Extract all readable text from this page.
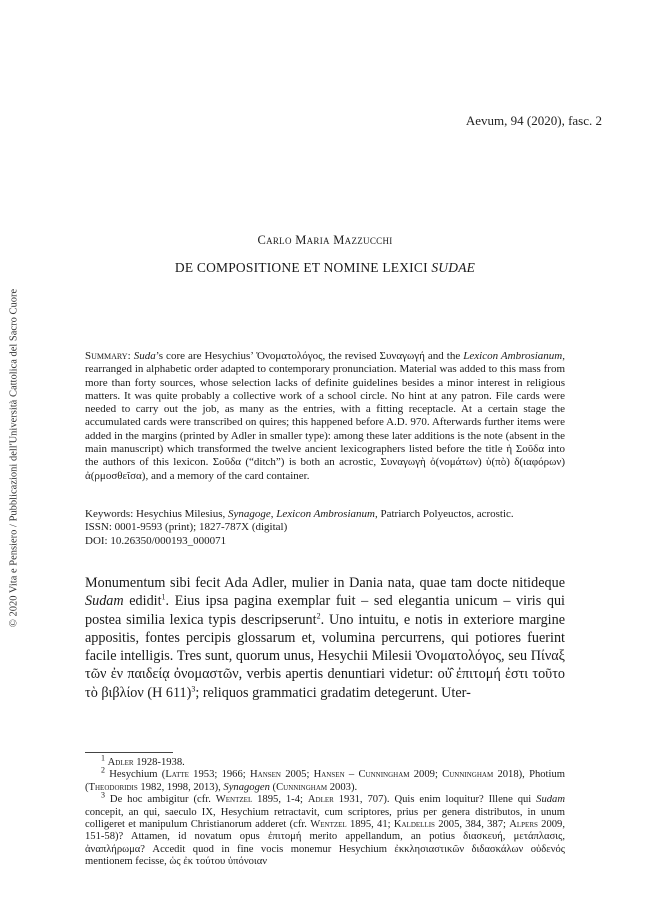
© 2020 Vita e Pensiero / Pubblicazioni dell'Università Cattolica del Sacro Cuore
Aevum, 94 (2020), fasc. 2
Carlo Maria Mazzucchi
DE COMPOSITIONE ET NOMINE LEXICI SUDAE
Summary: Suda’s core are Hesychius’ Ὀνοματολόγος, the revised Συναγωγή and the Lexicon Ambrosianum, rearranged in alphabetic order adapted to contemporary pronunciation. Material was added to this mass from more than forty sources, whose selection lacks of definite guidelines besides a minor interest in religious matters. It was quite probably a collective work of a school circle. No hint at any patron. File cards were needed to carry out the job, as many as the entries, with a fitting receptacle. At a certain stage the accumulated cards were transcribed on quires; this happened before A.D. 970. Afterwards further items were added in the margins (printed by Adler in smaller type): among these later additions is the note (absent in the main manuscript) which transformed the twelve ancient lexicographers listed before the title ἡ Σοῦδα into the authors of this lexicon. Σοῦδα (“ditch”) is both an acrostic, Συναγωγὴ ὀ(νομάτων) ὑ(πὸ) δ(ιαφόρων) ἀ(ρμοσθεῖσα), and a memory of the card container.
Keywords: Hesychius Milesius, Synagoge, Lexicon Ambrosianum, Patriarch Polyeuctos, acrostic.
ISSN: 0001-9593 (print); 1827-787X (digital)
DOI: 10.26350/000193_000071
Monumentum sibi fecit Ada Adler, mulier in Dania nata, quae tam docte nitideque Sudam edidit$^1$. Eius ipsa pagina exemplar fuit – sed elegantia unicum – viris qui postea similia lexica typis descripserunt$^2$. Uno intuitu, e notis in exteriore margine appositis, fontes percipis glossarum et, volumina percurrens, qui potiores fuerint facile intelligis. Tres sunt, quorum unus, Hesychii Milesii Ὀνοματολόγος, seu Πίναξ τῶν ἐν παιδείᾳ ὀνομαστῶν, verbis apertis denuntiari videtur: οὐ̂ ἐπιτομή ἐστι τοῦτο τὸ βιβλίον (Η 611)$^3$; reliquos grammatici gradatim detegerunt. Uter-

$^1$ Adler 1928-1938.

$^2$ Hesychium (Latte 1953; 1966; Hansen 2005; Hansen – Cunningham 2009; Cunningham 2018), Photium (Theodoridis 1982, 1998, 2013), Synagogen (Cunningham 2003).

$^3$ De hoc ambigitur (cfr. Wentzel 1895, 1-4; Adler 1931, 707). Quis enim loquitur? Illene qui Sudam concepit, an qui, saeculo IX, Hesychium retractavit, cum scriptores, prius per genera distributos, in unum colligeret et manipulum Christianorum adderet (cfr. Wentzel 1895, 41; Kaldellis 2005, 384, 387; Alpers 2009, 151-58)? Attamen, id novatum opus ἐπιτομή merito appellandum, an potius διασκευή, μετάπλασις, ἀναπλήρωμα? Accedit quod in fine vocis monemur Hesychium ἐκκλησιαστικῶν διδασκάλων οὐδενός mentionem fecisse, ὡς ἐκ τούτου ὑπόνοιαν
